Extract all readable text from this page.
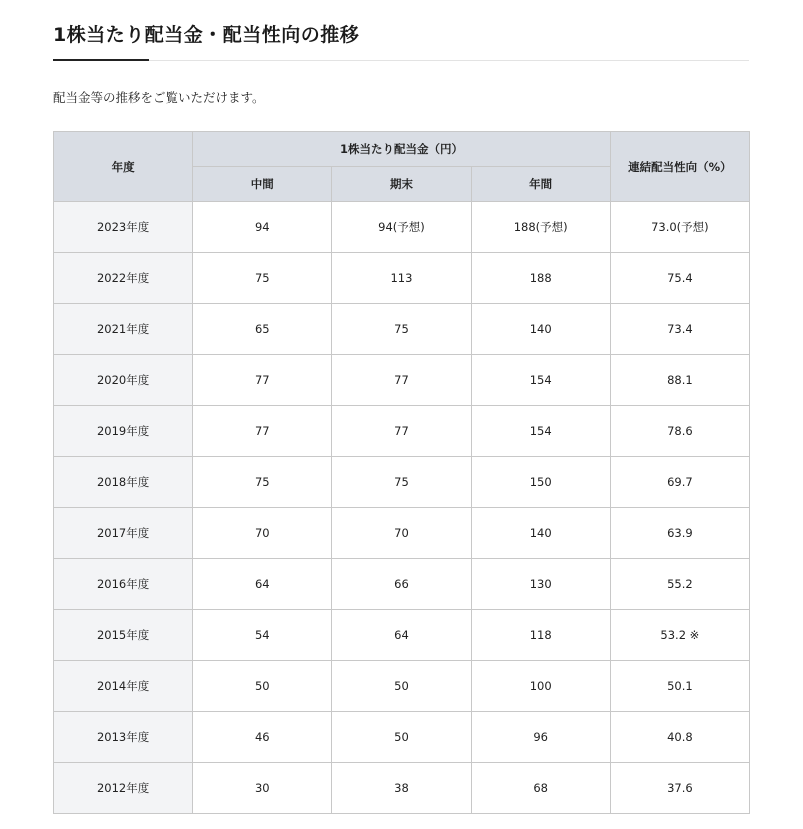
1株当たり配当金・配当性向の推移

配当金等の推移をご覧いただけます。

年度	1株当たり配当金（円）			連結配当性向（%）
	中間	期末	年間	
2023年度	94	94(予想)	188(予想)	73.0(予想)
2022年度	75	113	188	75.4
2021年度	65	75	140	73.4
2020年度	77	77	154	88.1
2019年度	77	77	154	78.6
2018年度	75	75	150	69.7
2017年度	70	70	140	63.9
2016年度	64	66	130	55.2
2015年度	54	64	118	53.2 ※
2014年度	50	50	100	50.1
2013年度	46	50	96	40.8
2012年度	30	38	68	37.6
